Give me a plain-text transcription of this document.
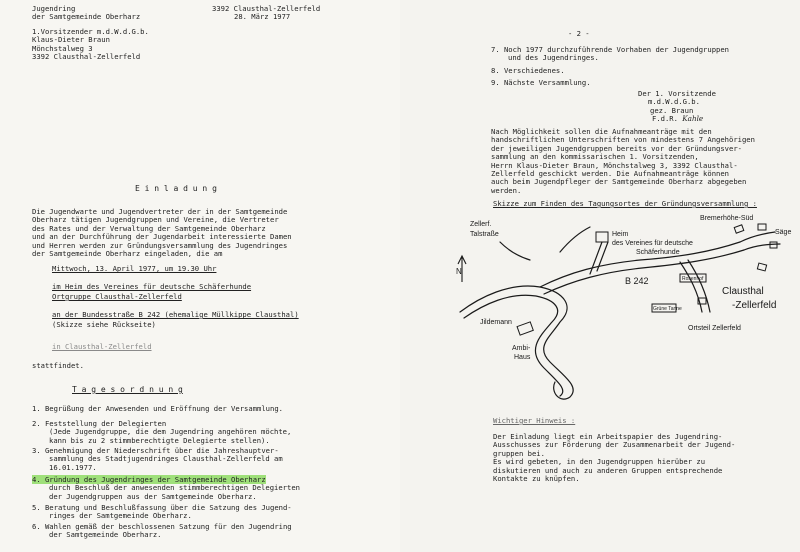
Jugendring
der Samtgemeinde Oberharz
3392 Clausthal-Zellerfeld
28. März 1977
1.Vorsitzender m.d.W.d.G.b.
Klaus-Dieter Braun
Mönchstalweg 3
3392 Clausthal-Zellerfeld
E i n l a d u n g
Die Jugendwarte und Jugendvertreter der in der Samtgemeinde
Oberharz tätigen Jugendgruppen und Vereine, die Vertreter
des Rates und der Verwaltung der Samtgemeinde Oberharz
und an der Durchführung der Jugendarbeit interessierte Damen
und Herren werden zur Gründungsversammlung des Jugendringes
der Samtgemeinde Oberharz eingeladen, die am
Mittwoch, 13. April 1977, um 19.30 Uhr
im Heim des Vereines für deutsche Schäferhunde
Ortgruppe Clausthal-Zellerfeld
an der Bundesstraße B 242 (ehemalige Müllkippe Clausthal)
(Skizze siehe Rückseite)
in Clausthal-Zellerfeld
stattfindet.
T a g e s o r d n u n g
1. Begrüßung der Anwesenden und Eröffnung der Versammlung.
2. Feststellung der Delegierten
(Jede Jugendgruppe, die dem Jugendring angehören möchte,
kann bis zu 2 stimmberechtigte Delegierte stellen).
3. Genehmigung der Niederschrift über die Jahreshauptver-
sammlung des Stadtjugendringes Clausthal-Zellerfeld am
16.01.1977.
4. Gründung des Jugendringes der Samtgemeinde Oberharz
durch Beschluß der anwesenden stimmberechtigen Delegierten
der Jugendgruppen aus der Samtgemeinde Oberharz.
5. Beratung und Beschlußfassung über die Satzung des Jugend-
ringes der Samtgemeinde Oberharz.
6. Wahlen gemäß der beschlossenen Satzung für den Jugendring
der Samtgemeinde Oberharz.
- 2 -
7. Noch 1977 durchzuführende Vorhaben der Jugendgruppen
und des Jugendringes.
8. Verschiedenes.
9. Nächste Versammlung.
Der 1. Vorsitzende
m.d.W.d.G.b.
gez. Braun
F.d.R. Kahle
Nach Möglichkeit sollen die Aufnahmeanträge mit den
handschriftlichen Unterschriften von mindestens 7 Angehörigen
der jeweiligen Jugendgruppen bereits vor der Gründungsver-
sammlung an den kommissarischen 1. Vorsitzenden,
Herrn Klaus-Dieter Braun, Mönchstalweg 3, 3392 Clausthal-
Zellerfeld geschickt werden. Die Aufnahmeanträge können
auch beim Jugendpfleger der Samtgemeinde Oberharz abgegeben
werden.
Skizze zum Finden des Tagungsortes der Gründungsversammlung :
N
Zellerf.
Talstraße	Heim
des Vereines für deutsche
Schäferhunde
B 242
Bremerhöhe-Süd
Säge
Rosenhof
Grüne Tanne
Clausthal
-Zellerfeld
Ortsteil Zellerfeld
Jildemann
Ambi-
Haus
Wichtiger Hinweis :
Der Einladung liegt ein Arbeitspapier des Jugendring-
Ausschusses zur Förderung der Zusammenarbeit der Jugend-
gruppen bei.
Es wird gebeten, in den Jugendgruppen hierüber zu
diskutieren und auch zu anderen Gruppen entsprechende
Kontakte zu knüpfen.
